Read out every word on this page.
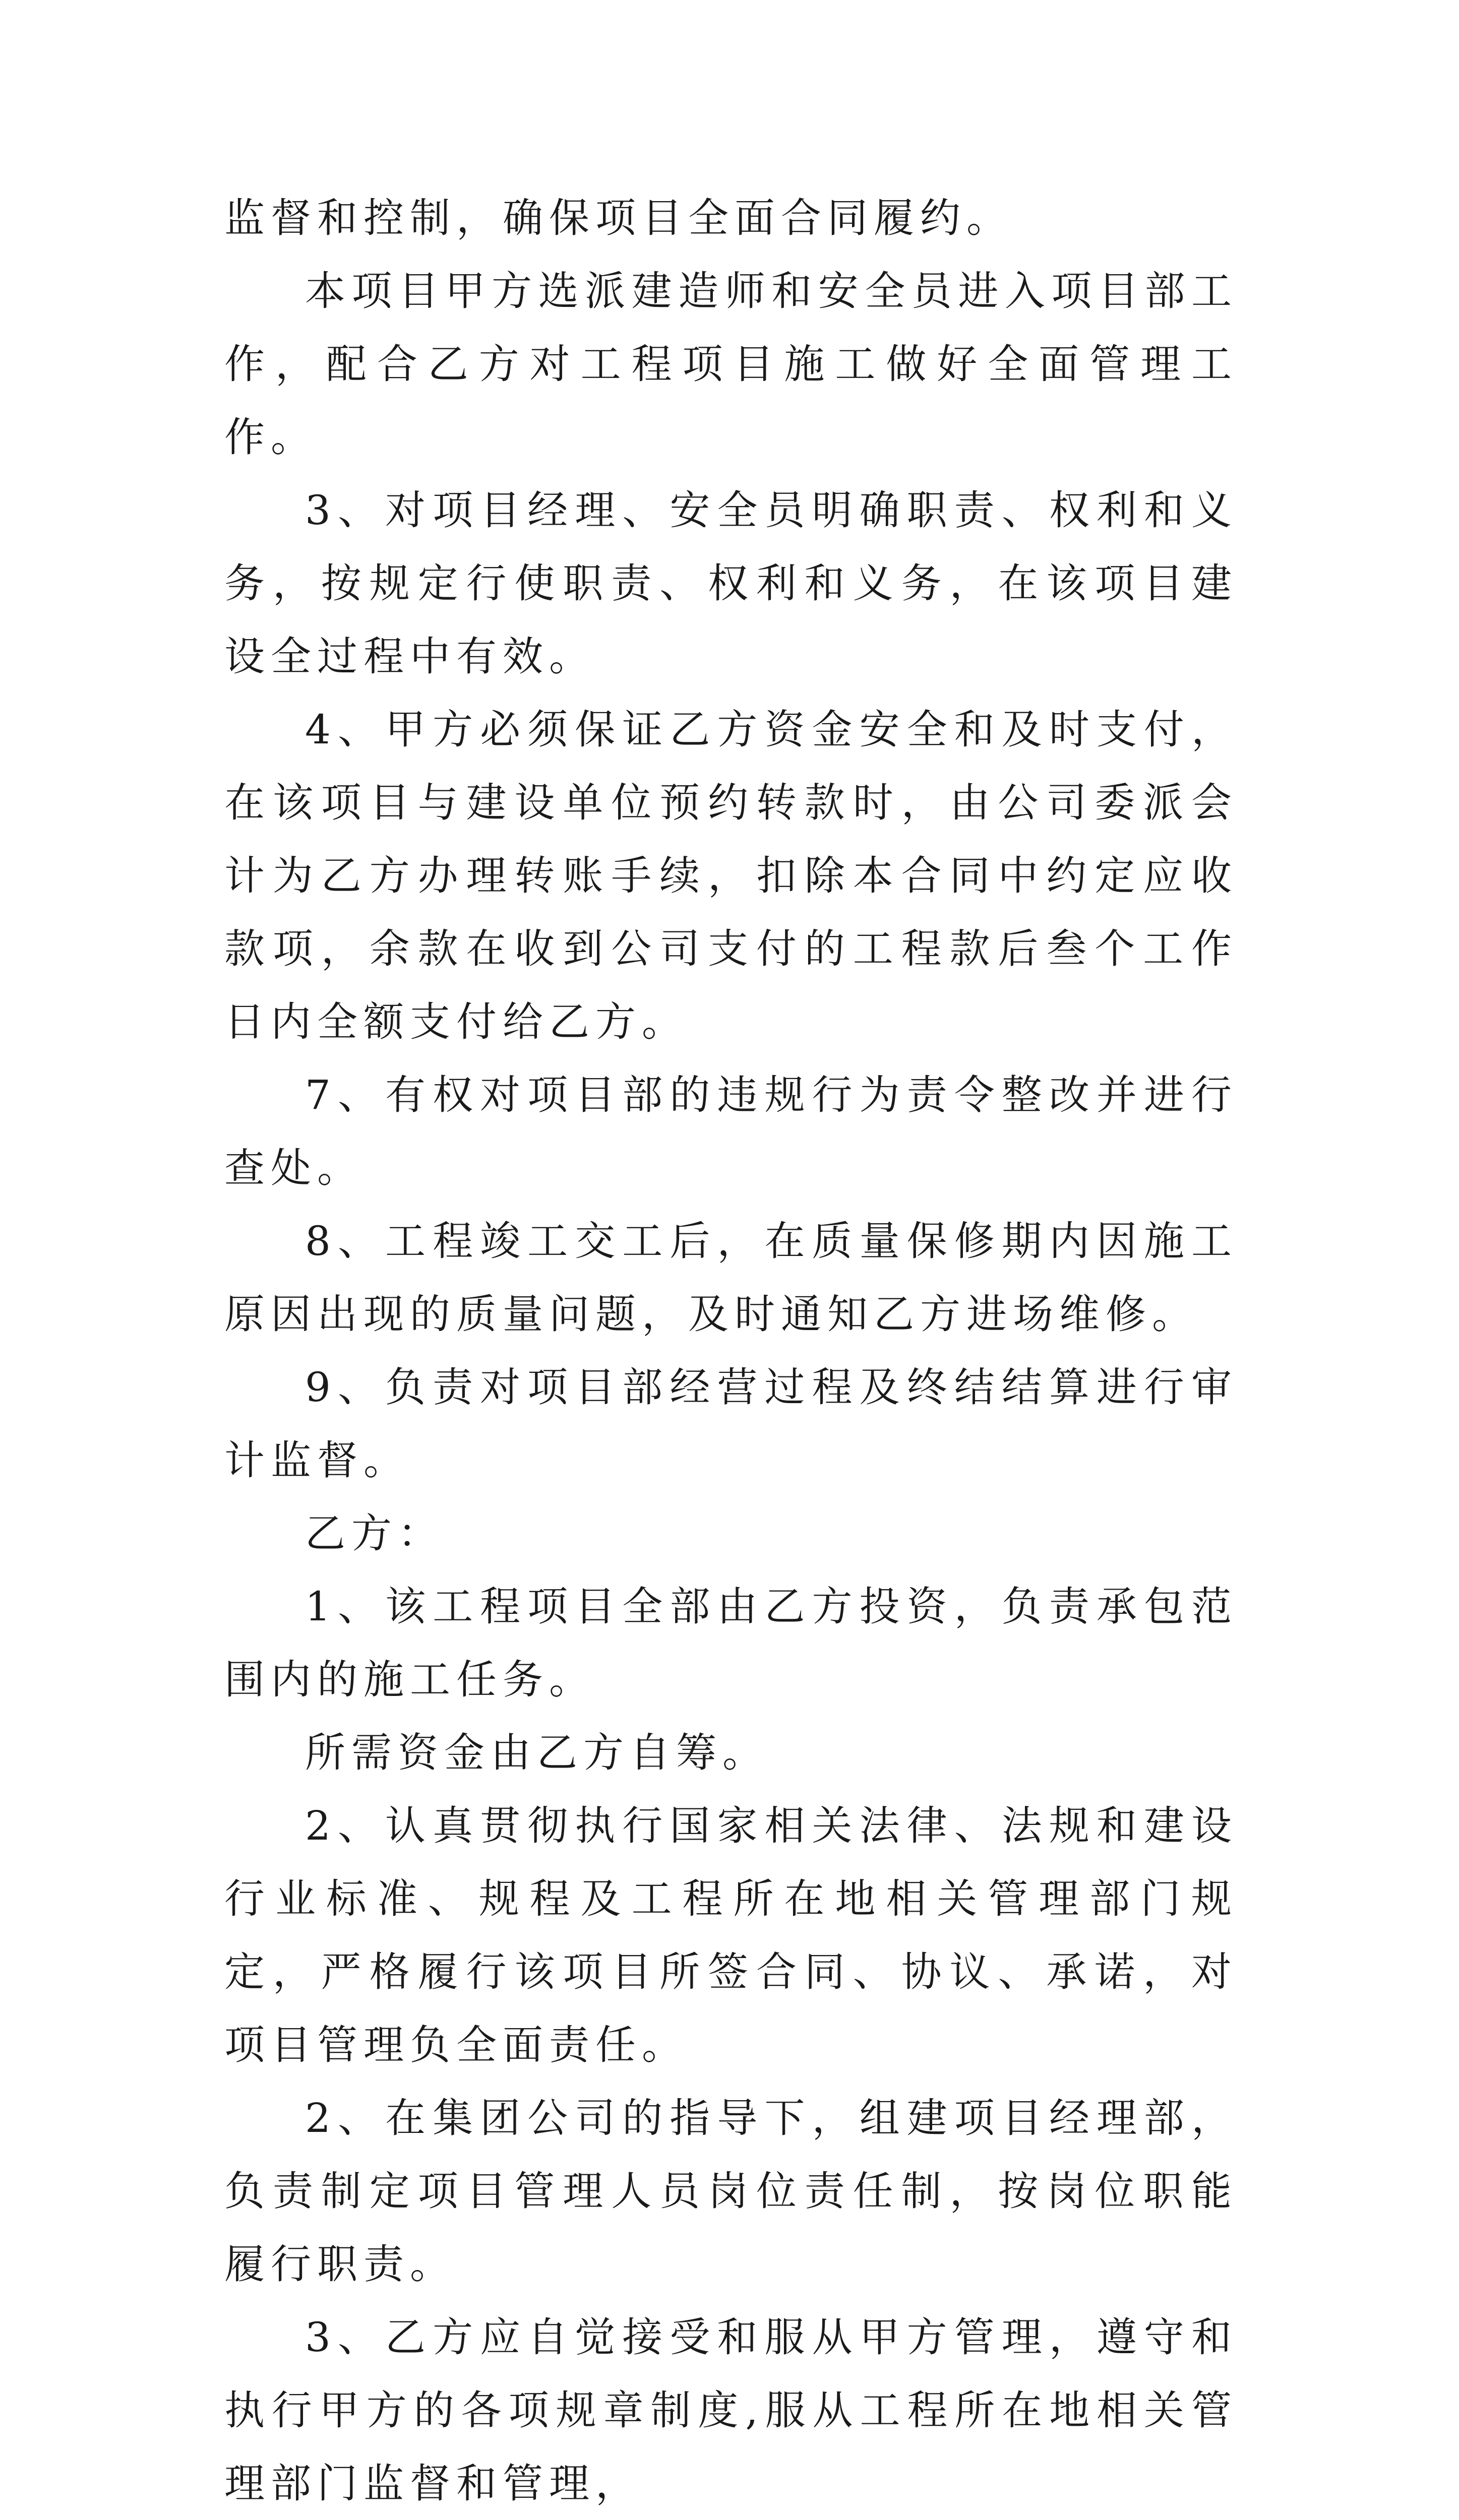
监督和控制，确保项目全面合同履约。

本项目甲方选派建造师和安全员进入项目部工作，配合乙方对工程项目施工做好全面管理工作。

3、对项目经理、安全员明确职责、权利和义务，按规定行使职责、权利和义务，在该项目建设全过程中有效。

4、甲方必须保证乙方资金安全和及时支付，在该项目与建设单位预约转款时，由公司委派会计为乙方办理转账手续，扣除本合同中约定应收款项，余款在收到公司支付的工程款后叁个工作日内全额支付给乙方。

7、有权对项目部的违规行为责令整改并进行查处。

8、工程竣工交工后，在质量保修期内因施工原因出现的质量问题，及时通知乙方进场维修。

9、负责对项目部经营过程及终结结算进行审计监督。

乙方：

1、该工程项目全部由乙方投资，负责承包范围内的施工任务。

所需资金由乙方自筹。

2、认真贯彻执行国家相关法律、法规和建设行业标准、规程及工程所在地相关管理部门规定，严格履行该项目所签合同、协议、承诺，对项目管理负全面责任。

2、在集团公司的指导下，组建项目经理部，负责制定项目管理人员岗位责任制，按岗位职能履行职责。

3、乙方应自觉接受和服从甲方管理，遵守和执行甲方的各项规章制度,服从工程所在地相关管理部门监督和管理，
